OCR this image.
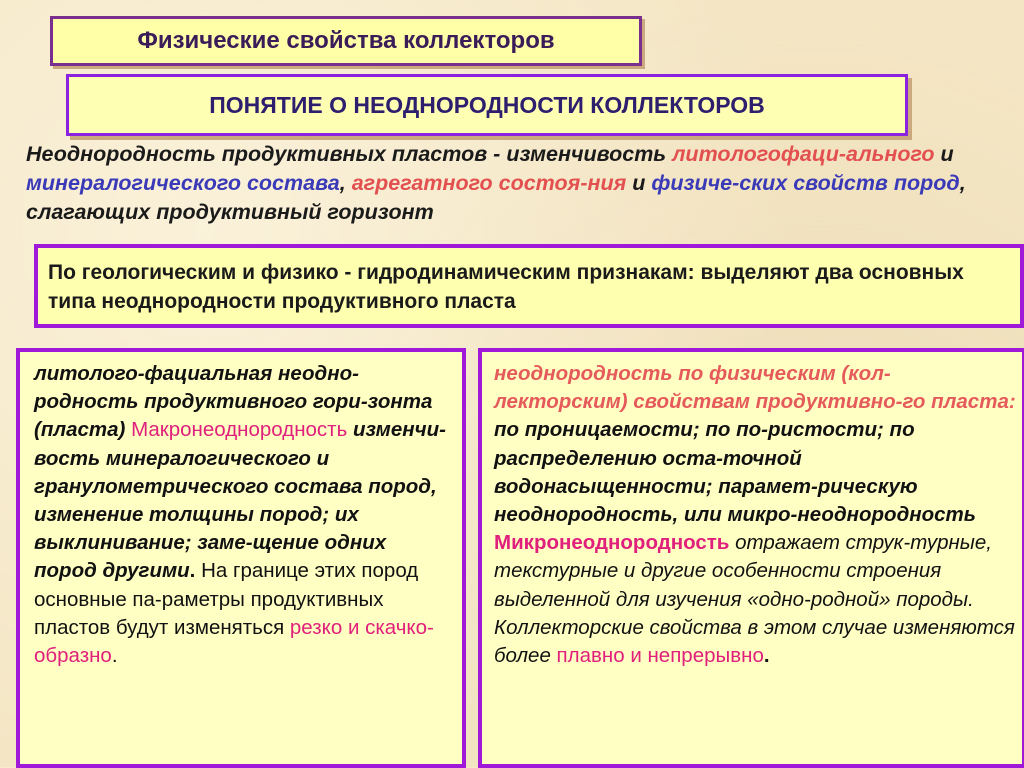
Физические свойства коллекторов
ПОНЯТИЕ О НЕОДНОРОДНОСТИ КОЛЛЕКТОРОВ
Неоднородность продуктивных пластов - изменчивость литологофаци-ального и минералогического состава, агрегатного состоя-ния и физиче-ских свойств пород, слагающих продуктивный горизонт
По геологическим и физико - гидродинамическим признакам: выделяют два основных типа неоднородности продуктивного пласта
литолого-фациальная неодно-родность продуктивного гори-зонта (пласта) Макронеоднородность изменчи-вость минералогического и гранулометрического состава пород, изменение толщины пород; их выклинивание; заме-щение одних пород другими. На границе этих пород основные па-раметры продуктивных пластов будут изменяться резко и скачко-образно.
неоднородность по физическим (кол-лекторским) свойствам продуктивно-го пласта: по проницаемости; по по-ристости; по распределению оста-точной водонасыщенности; парамет-рическую неоднородность, или микро-неоднородность Микронеоднородность отражает струк-турные, текстурные и другие особенности строения выделенной для изучения «одно-родной» породы. Коллекторские свойства в этом случае изменяются более плавно и непрерывно.
